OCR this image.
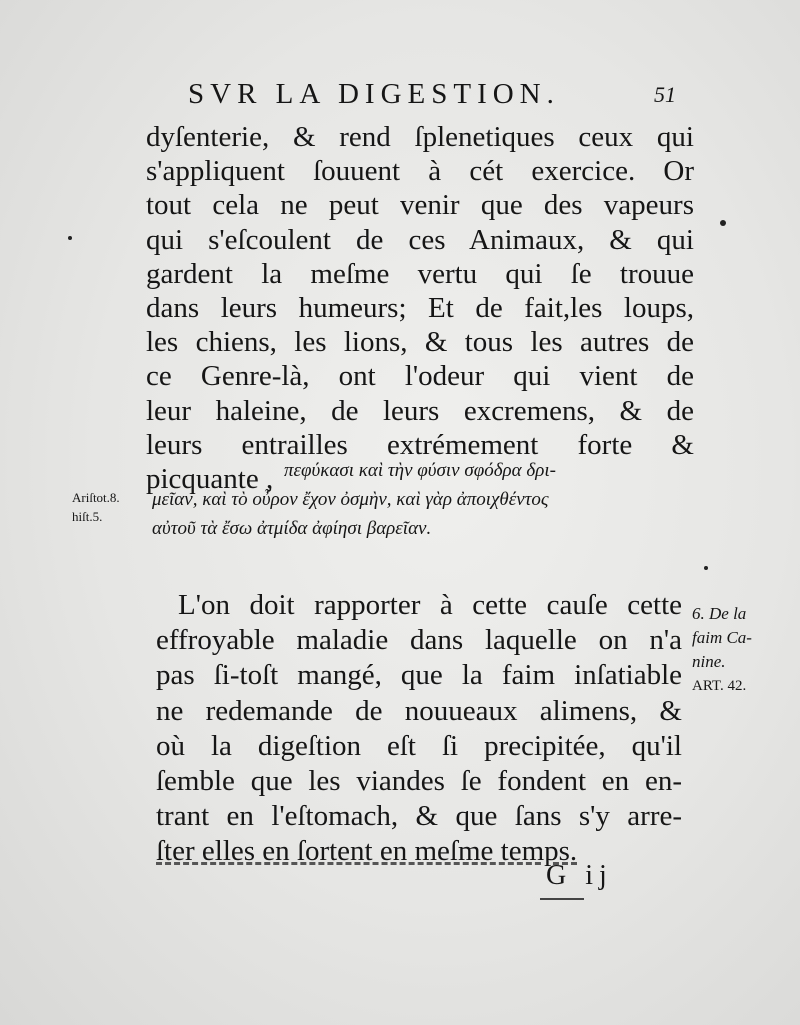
SVR LA DIGESTION.	51
dyſenterie, & rend ſplenetiques ceux qui
s'appliquent ſouuent à cét exercice. Or
tout cela ne peut venir que des vapeurs
qui s'eſcoulent de ces Animaux, & qui
gardent la meſme vertu qui ſe trouue
dans leurs humeurs; Et de fait,les loups,
les chiens, les lions, & tous les autres de
ce Genre-là, ont l'odeur qui vient de
leur haleine, de leurs excremens, & de
leurs entrailles extrémement forte &
picquante , πεφύκασι καὶ τὴν φύσιν σφόδρα δρι-
μεῖαν, καὶ τὸ οὖρον ἔχον ὀσμὴν, καὶ γὰρ ἀποιχθέντος
αὐτοῦ τὰ ἔσω ἀτμίδα ἀφίησι βαρεῖαν.
Ariſtot.8.
hiſt.5.
L'on doit rapporter à cette cauſe cette
effroyable maladie dans laquelle on n'a
pas ſi-toſt mangé, que la faim inſatiable
ne redemande de nouueaux alimens, &
où la digeſtion eſt ſi precipitée, qu'il
ſemble que les viandes ſe fondent en en-
trant en l'eſtomach, & que ſans s'y arre-
ſter elles en ſortent en meſme temps.
6. De la
faim Ca-
nine.
ART. 42.
G ij
